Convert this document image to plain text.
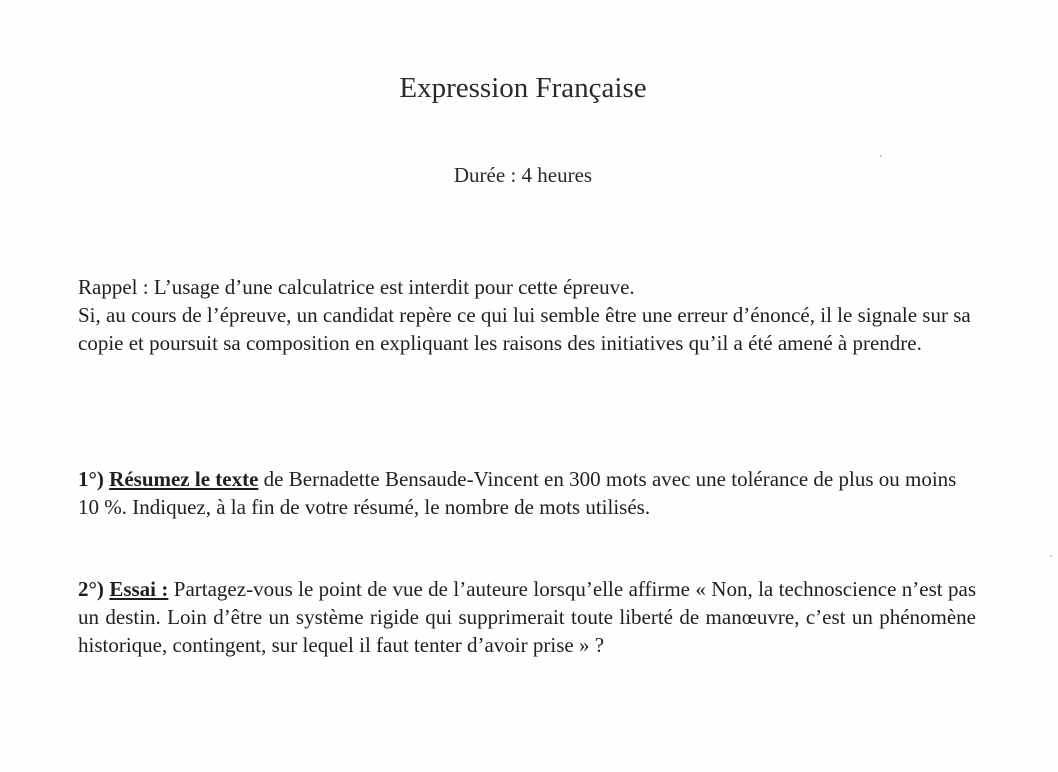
Expression Française
Durée : 4 heures

Rappel : L’usage d’une calculatrice est interdit pour cette épreuve.

Si, au cours de l’épreuve, un candidat repère ce qui lui semble être une erreur d’énoncé, il le signale sur sa copie et poursuit sa composition en expliquant les raisons des initiatives qu’il a été amené à prendre.

1°) Résumez le texte de Bernadette Bensaude-Vincent en 300 mots avec une tolérance de plus ou moins 10 %. Indiquez, à la fin de votre résumé, le nombre de mots utilisés.
2°) Essai : Partagez-vous le point de vue de l’auteure lorsqu’elle affirme « Non, la technoscience n’est pas un destin. Loin d’être un système rigide qui supprimerait toute liberté de manœuvre, c’est un phénomène historique, contingent, sur lequel il faut tenter d’avoir prise » ?
